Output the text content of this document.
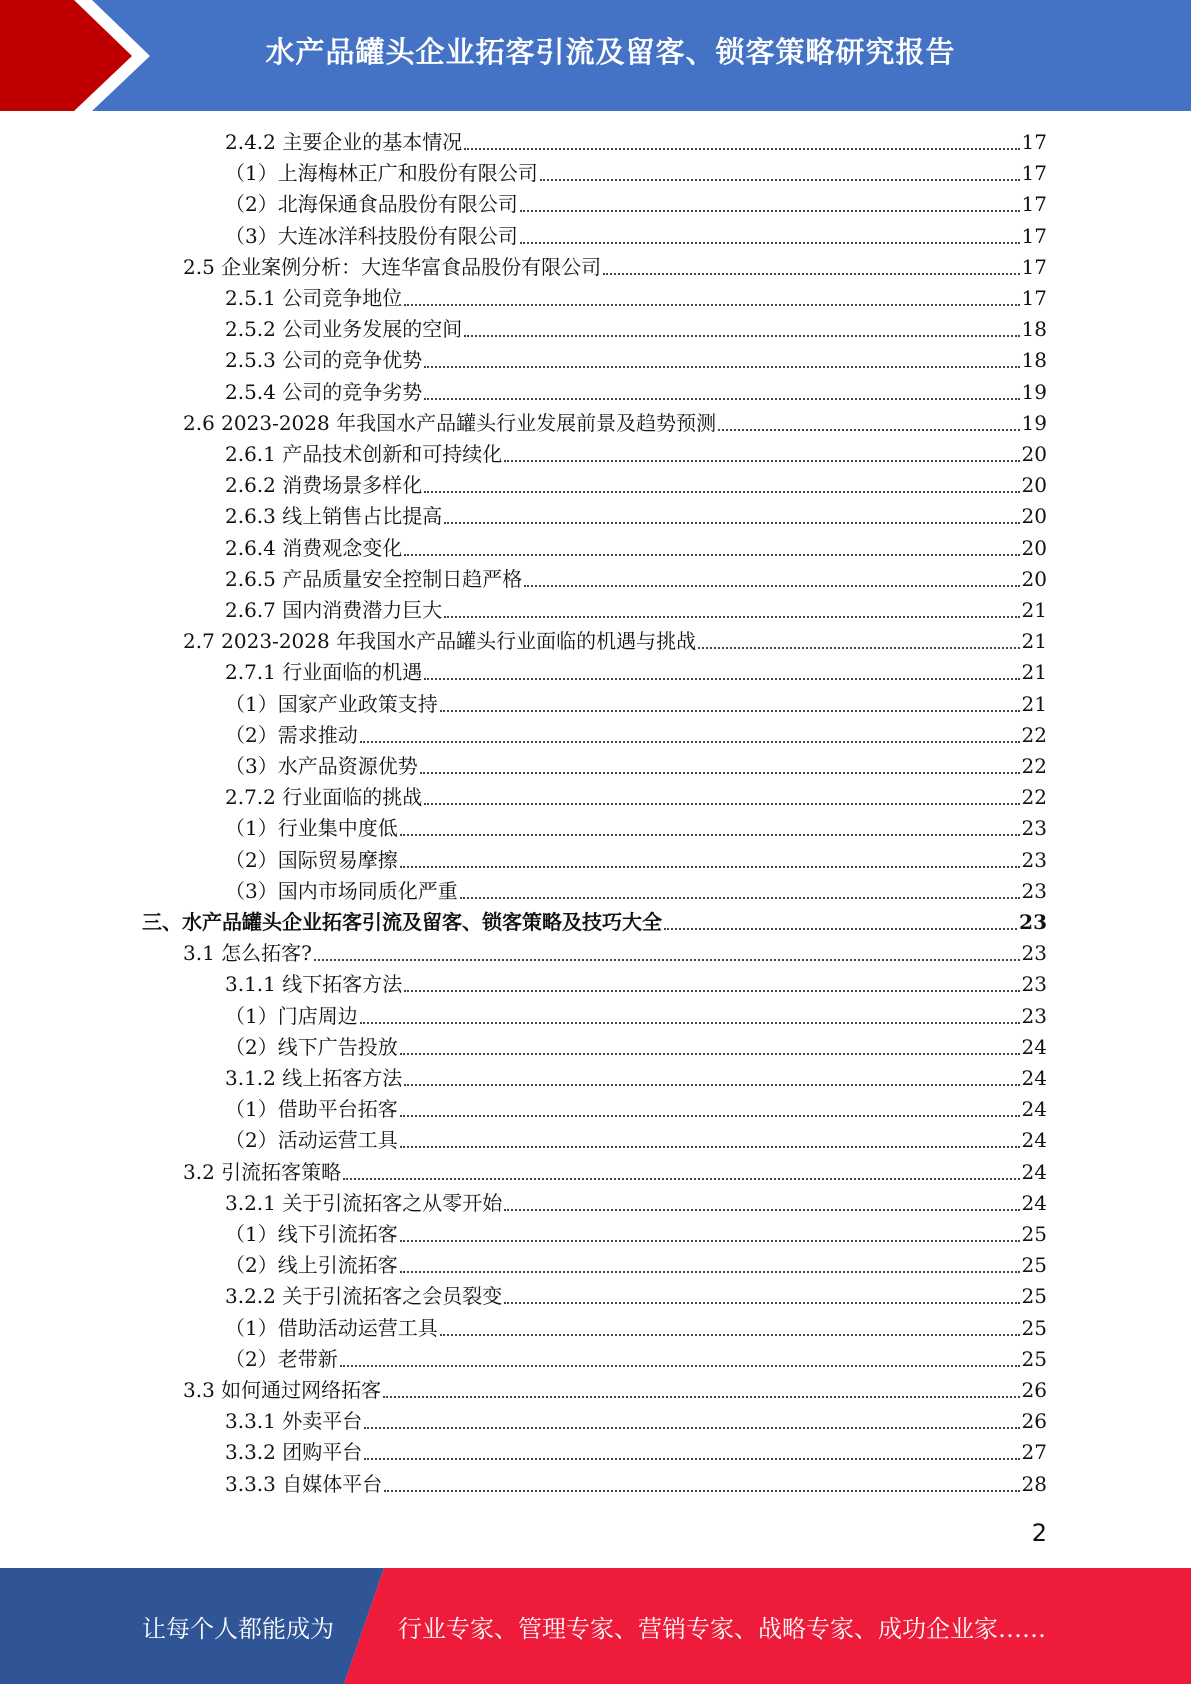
水产品罐头企业拓客引流及留客、锁客策略研究报告
2.4.2 主要企业的基本情况	17
（1）上海梅林正广和股份有限公司	17
（2）北海保通食品股份有限公司	17
（3）大连冰洋科技股份有限公司	17
2.5 企业案例分析：大连华富食品股份有限公司	17
2.5.1 公司竞争地位	17
2.5.2 公司业务发展的空间	18
2.5.3 公司的竞争优势	18
2.5.4 公司的竞争劣势	19
2.6 2023-2028 年我国水产品罐头行业发展前景及趋势预测	19
2.6.1 产品技术创新和可持续化	20
2.6.2 消费场景多样化	20
2.6.3 线上销售占比提高	20
2.6.4 消费观念变化	20
2.6.5 产品质量安全控制日趋严格	20
2.6.7 国内消费潜力巨大	21
2.7 2023-2028 年我国水产品罐头行业面临的机遇与挑战	21
2.7.1 行业面临的机遇	21
（1）国家产业政策支持	21
（2）需求推动	22
（3）水产品资源优势	22
2.7.2 行业面临的挑战	22
（1）行业集中度低	23
（2）国际贸易摩擦	23
（3）国内市场同质化严重	23
三、水产品罐头企业拓客引流及留客、锁客策略及技巧大全	23
3.1 怎么拓客?	23
3.1.1 线下拓客方法	23
（1）门店周边	23
（2）线下广告投放	24
3.1.2 线上拓客方法	24
（1）借助平台拓客	24
（2）活动运营工具	24
3.2 引流拓客策略	24
3.2.1 关于引流拓客之从零开始	24
（1）线下引流拓客	25
（2）线上引流拓客	25
3.2.2 关于引流拓客之会员裂变	25
（1）借助活动运营工具	25
（2）老带新	25
3.3 如何通过网络拓客	26
3.3.1 外卖平台	26
3.3.2 团购平台	27
3.3.3 自媒体平台	28
2
让每个人都能成为	行业专家、管理专家、营销专家、战略专家、成功企业家……
